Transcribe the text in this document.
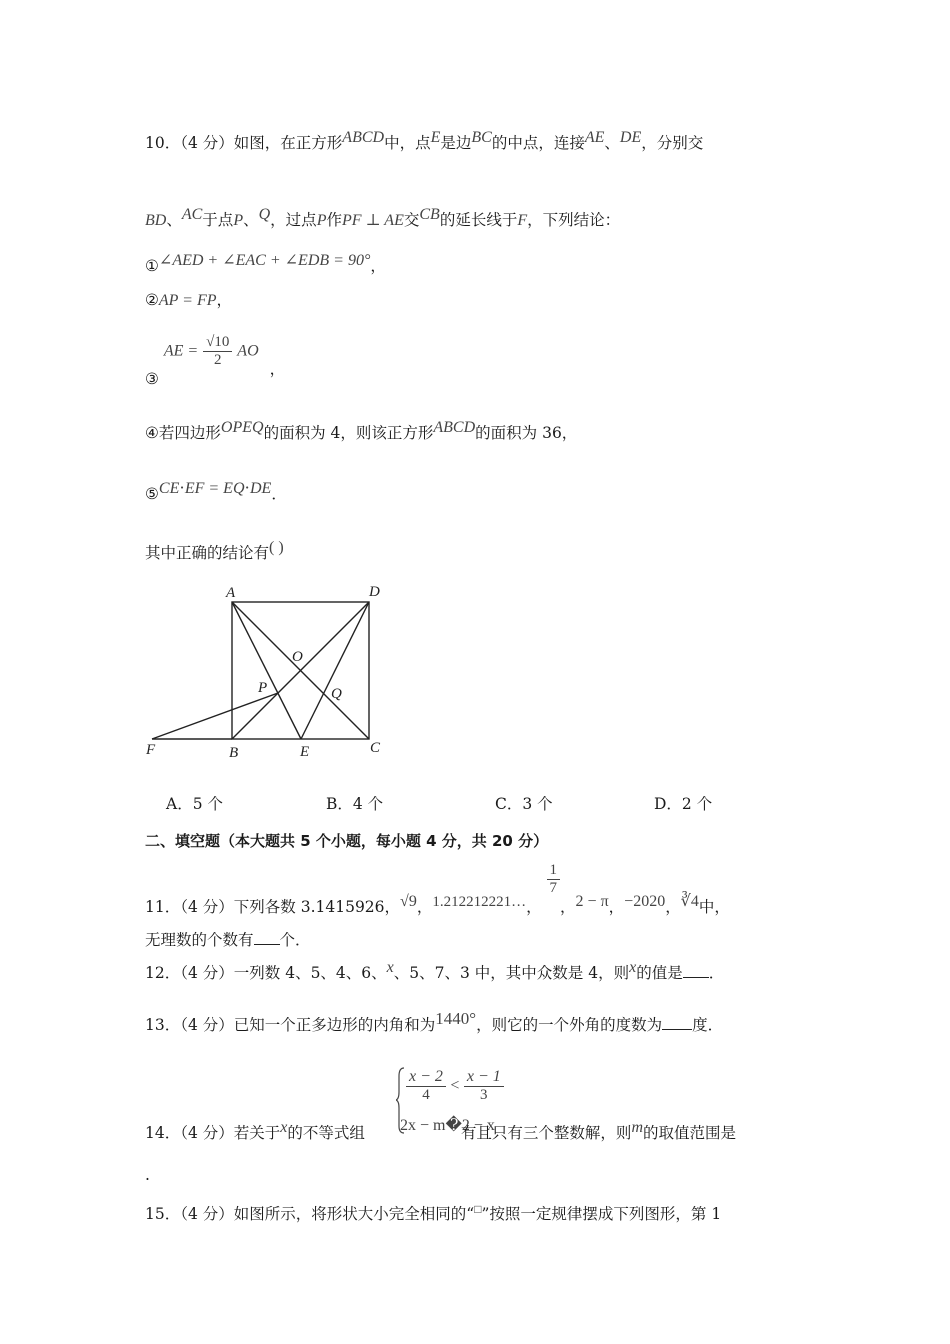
10．（4 分）如图，在正方形ABCD中，点E是边BC的中点，连接AE、DE，分别交
BD、AC于点P、Q，过点P作PF ⊥ AE交CB的延长线于F，下列结论：
①∠AED + ∠EAC + ∠EDB = 90°，
②AP = FP，
③ AE = $\frac{√10}{2}$ AO ，
④若四边形OPEQ的面积为 4，则该正方形ABCD的面积为 36，
⑤CE⋅EF = EQ⋅DE．
其中正确的结论有( )
A	D
O
P	Q
F	B	E	C
A．5 个	B．4 个	C．3 个	D．2 个
二、填空题（本大题共 5 个小题，每小题 4 分，共 20 分）
11．（4 分）下列各数 3.1415926，√9，1.212212221…，
$\frac{1}{7}$
，2 − π，−2020，∛4中，
无理数的个数有 个．
12．（4 分）一列数 4、5、4、6、x、5、7、3 中，其中众数是 4，则x的值是 ．
13．（4 分）已知一个正多边形的内角和为1440°，则它的一个外角的度数为 度．
$\frac{x - 2}{4} < \frac{x - 1}{3}$
2x − m�2 − x
14．（4 分）若关于x的不等式组	有且只有三个整数解，则m的取值范围是
.
15．（4 分）如图所示，将形状大小完全相同的“□”按照一定规律摆成下列图形，第 1
